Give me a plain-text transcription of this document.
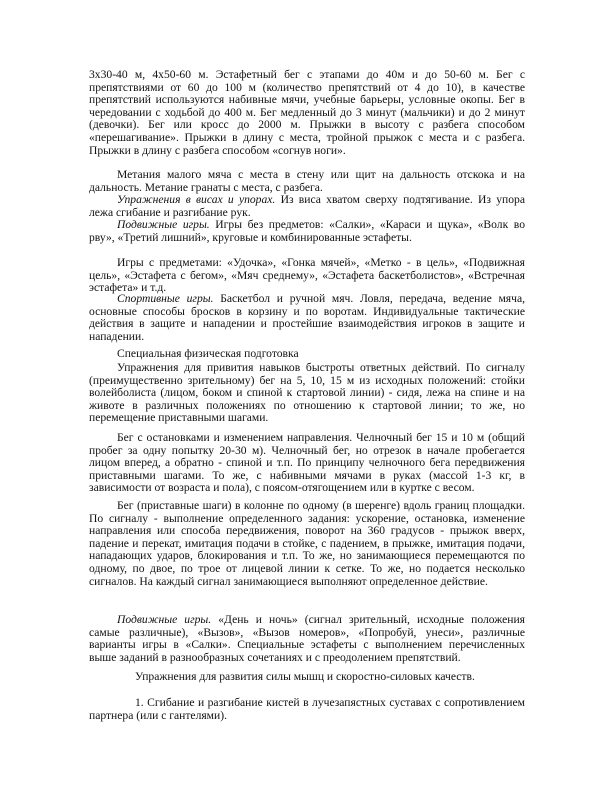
3х30-40 м, 4х50-60 м. Эстафетный бег с этапами до 40м и до 50-60 м. Бег с препятствиями от 60 до 100 м (количество препятствий от 4 до 10), в качестве препятствий используются набивные мячи, учебные барьеры, условные окопы. Бег в чередовании с ходьбой до 400 м. Бег медленный до 3 минут (мальчики) и до 2 минут (девочки). Бег или кросс до 2000 м. Прыжки в высоту с разбега способом «перешагивание». Прыжки в длину с места, тройной прыжок с места и с разбега. Прыжки в длину с разбега способом «согнув ноги».

Метания малого мяча с места в стену или щит на дальность отскока и на дальность. Метание гранаты с места, с разбега.

Упражнения в висах и упорах. Из виса хватом сверху подтягивание. Из упора лежа сгибание и разгибание рук.

Подвижные игры. Игры без предметов: «Салки», «Караси и щука», «Волк во рву», «Третий лишний», круговые и комбинированные эстафеты.

Игры с предметами: «Удочка», «Гонка мячей», «Метко - в цель», «Подвижная цель», «Эстафета с бегом», «Мяч среднему», «Эстафета баскетболистов», «Встречная эстафета» и т.д.

Спортивные игры. Баскетбол и ручной мяч. Ловля, передача, ведение мяча, основные способы бросков в корзину и по воротам. Индивидуальные тактические действия в защите и нападении и простейшие взаимодействия игроков в защите и нападении.

Специальная физическая подготовка

Упражнения для привития навыков быстроты ответных действий. По сигналу (преимущественно зрительному) бег на 5, 10, 15 м из исходных положений: стойки волейболиста (лицом, боком и спиной к стартовой линии) - сидя, лежа на спине и на животе в различных положениях по отношению к стартовой линии; то же, но перемещение приставными шагами.

Бег с остановками и изменением направления. Челночный бег 15 и 10 м (общий пробег за одну попытку 20-30 м). Челночный бег, но отрезок в начале пробегается лицом вперед, а обратно - спиной и т.п. По принципу челночного бега передвижения приставными шагами. То же, с набивными мячами в руках (массой 1-3 кг, в зависимости от возраста и пола), с поясом-отягощением или в куртке с весом.

Бег (приставные шаги) в колонне по одному (в шеренге) вдоль границ площадки. По сигналу - выполнение определенного задания: ускорение, остановка, изменение направления или способа передвижения, поворот на 360 градусов - прыжок вверх, падение и перекат, имитация подачи в стойке, с падением, в прыжке, имитация подачи, нападающих ударов, блокирования и т.п. То же, но занимающиеся перемещаются по одному, по двое, по трое от лицевой линии к сетке. То же, но подается несколько сигналов. На каждый сигнал занимающиеся выполняют определенное действие.

Подвижные игры. «День и ночь» (сигнал зрительный, исходные положения самые различные), «Вызов», «Вызов номеров», «Попробуй, унеси», различные варианты игры в «Салки». Специальные эстафеты с выполнением перечисленных выше заданий в разнообразных сочетаниях и с преодолением препятствий.

Упражнения для развития силы мышц и скоростно-силовых качеств.

1. Сгибание и разгибание кистей в лучезапястных суставах с сопротивлением партнера (или с гантелями).
